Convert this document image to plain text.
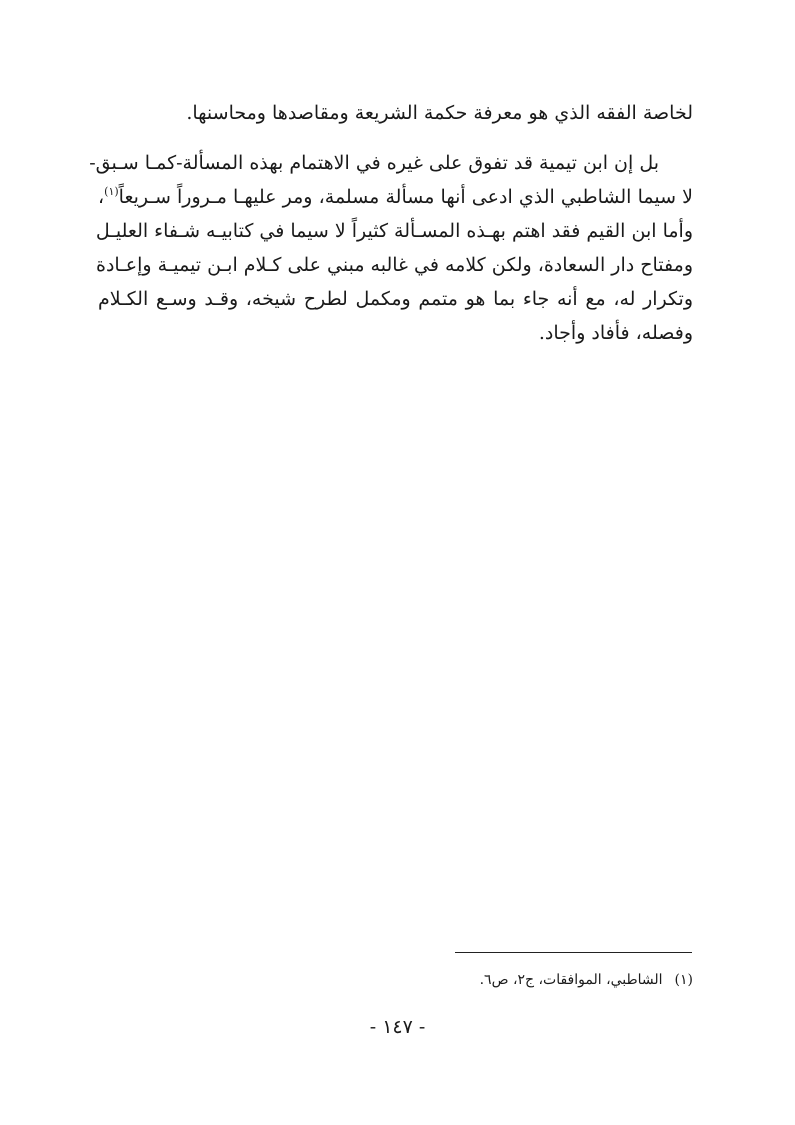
لخاصة الفقه الذي هو معرفة حكمة الشريعة ومقاصدها ومحاسنها.
بل إن ابن تيمية قد تفوق على غيره في الاهتمام بهذه المسألة-كمـا سـبق-
لا سيما الشاطبي الذي ادعى أنها مسألة مسلمة، ومر عليهـا مـروراً سـريعاً$^{(١)}$،
وأما ابن القيم فقد اهتم بهـذه المسـألة كثيراً لا سيما في كتابيـه شـفاء العليـل
ومفتاح دار السعادة، ولكن كلامه في غالبه مبني على كـلام ابـن تيميـة وإعـادة
وتكرار له، مع أنه جاء بما هو متمم ومكمل لطرح شيخه، وقـد وسـع الكـلام
وفصله، فأفاد وأجاد.
(١)الشاطبي، الموافقات، ج٢، ص٦.
- ١٤٧ -
